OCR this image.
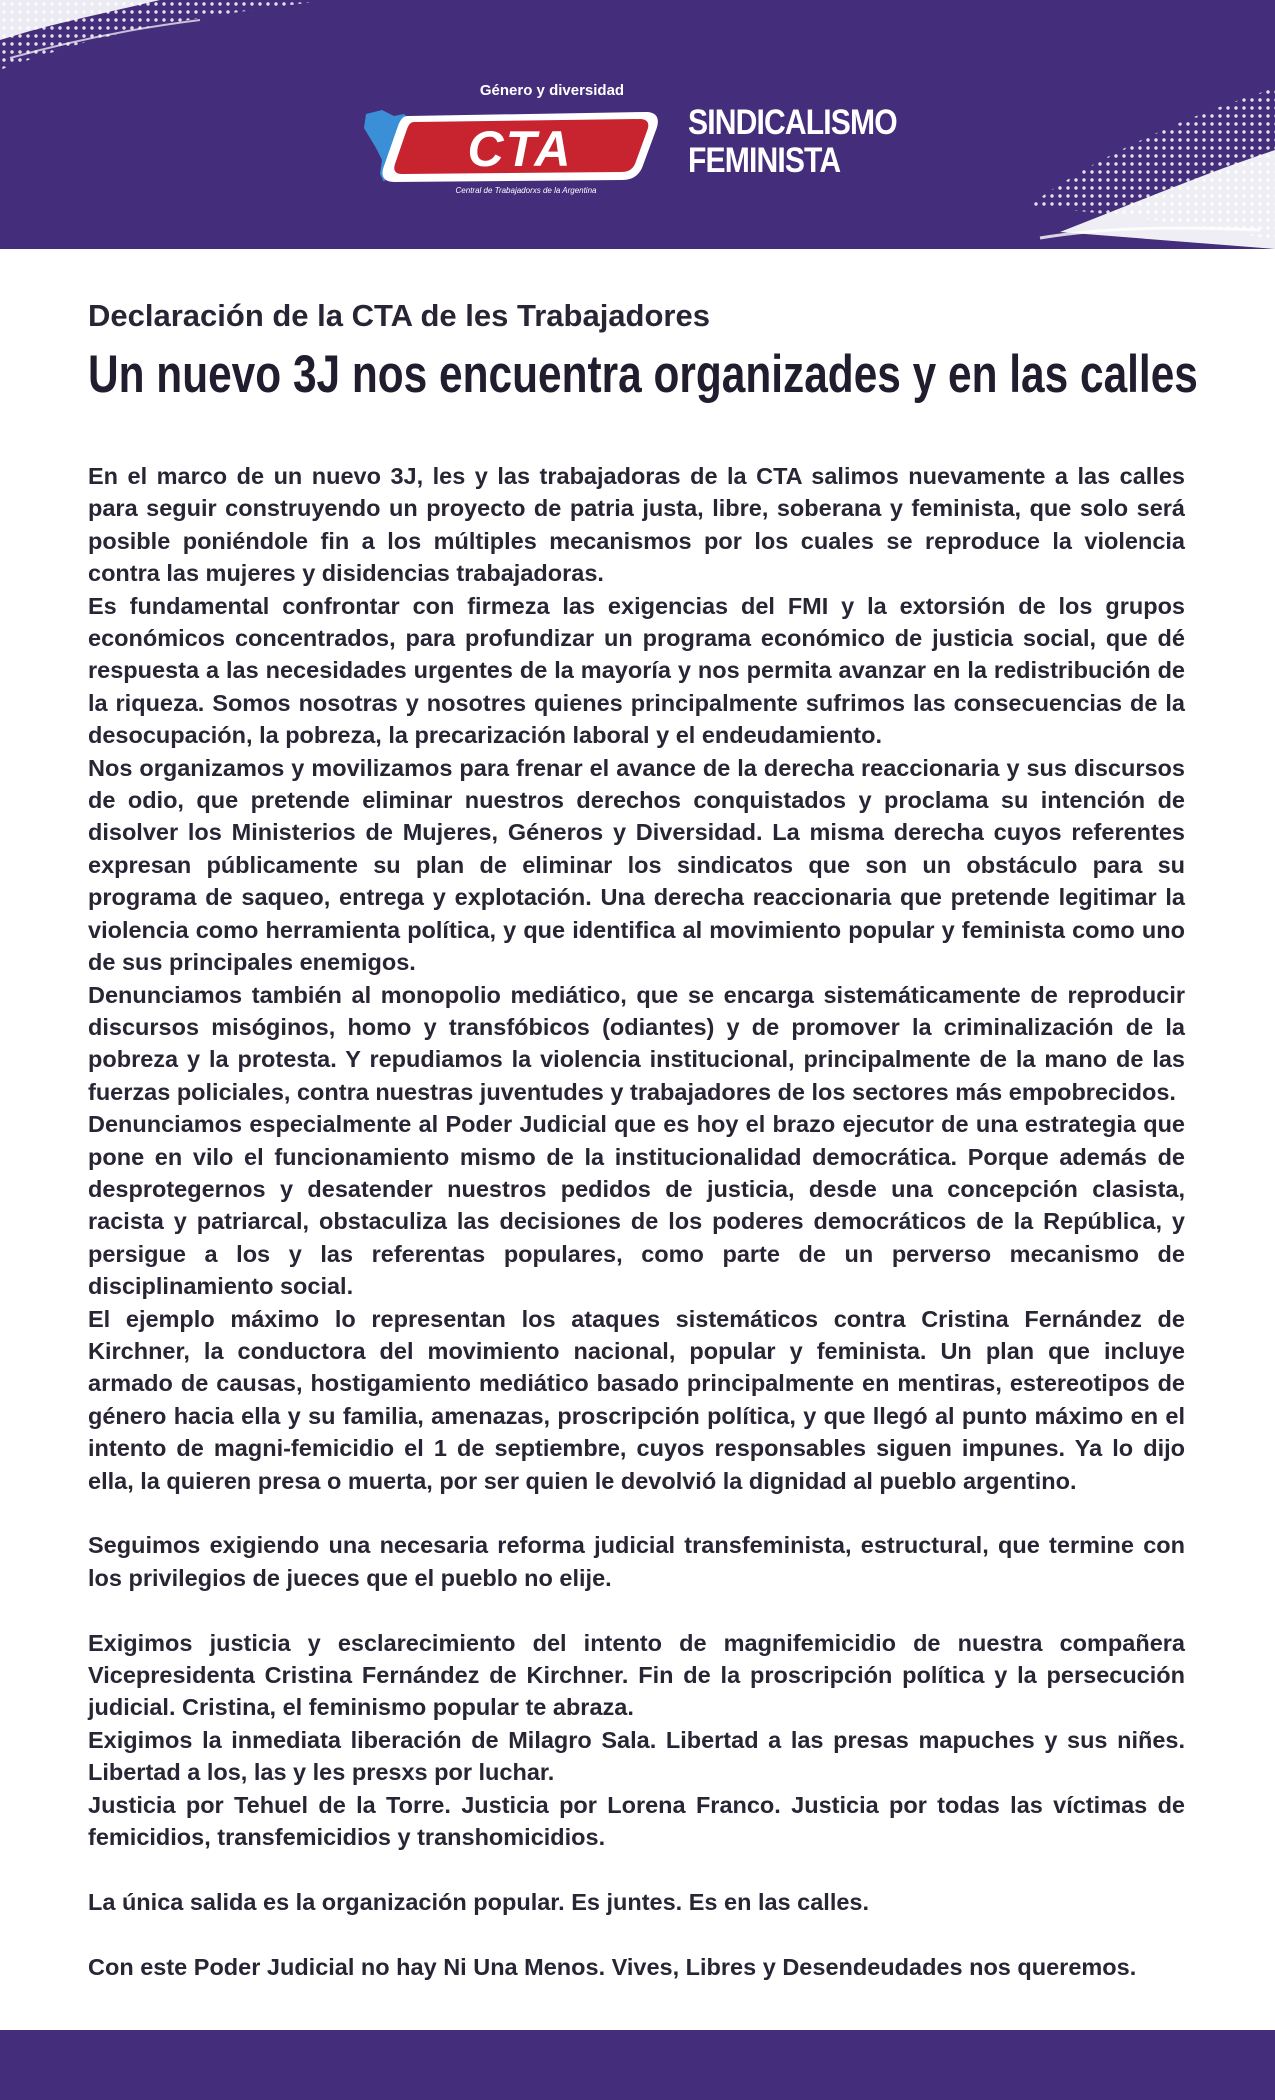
Género y diversidad
CTA
Central de Trabajadorxs de la Argentina
SINDICALISMO
FEMINISTA
Declaración de la CTA de les Trabajadores
Un nuevo 3J nos encuentra organizades y en las calles

En el marco de un nuevo 3J, les y las trabajadoras de la CTA salimos nuevamente a las calles para seguir construyendo un proyecto de patria justa, libre, soberana y feminista, que solo será posible poniéndole fin a los múltiples mecanismos por los cuales se reproduce la violencia contra las mujeres y disidencias trabajadoras.

Es fundamental confrontar con firmeza las exigencias del FMI y la extorsión de los grupos económicos concentrados, para profundizar un programa económico de justicia social, que dé respuesta a las necesidades urgentes de la mayoría y nos permita avanzar en la redistribución de la riqueza. Somos nosotras y nosotres quienes principalmente sufrimos las consecuencias de la desocupación, la pobreza, la precarización laboral y el endeudamiento.

Nos organizamos y movilizamos para frenar el avance de la derecha reaccionaria y sus discursos de odio, que pretende eliminar nuestros derechos conquistados y proclama su intención de disolver los Ministerios de Mujeres, Géneros y Diversidad. La misma derecha cuyos referentes expresan públicamente su plan de eliminar los sindicatos que son un obstáculo para su programa de saqueo, entrega y explotación. Una derecha reaccionaria que pretende legitimar la violencia como herramienta política, y que identifica al movimiento popular y feminista como uno de sus principales enemigos.

Denunciamos también al monopolio mediático, que se encarga sistemáticamente de reproducir discursos misóginos, homo y transfóbicos (odiantes) y de promover la criminalización de la pobreza y la protesta. Y repudiamos la violencia institucional, principalmente de la mano de las fuerzas policiales, contra nuestras juventudes y trabajadores de los sectores más empobrecidos.

Denunciamos especialmente al Poder Judicial que es hoy el brazo ejecutor de una estrategia que pone en vilo el funcionamiento mismo de la institucionalidad democrática. Porque además de desprotegernos y desatender nuestros pedidos de justicia, desde una concepción clasista, racista y patriarcal, obstaculiza las decisiones de los poderes democráticos de la República, y persigue a los y las referentas populares, como parte de un perverso mecanismo de disciplinamiento social.

El ejemplo máximo lo representan los ataques sistemáticos contra Cristina Fernández de Kirchner, la conductora del movimiento nacional, popular y feminista. Un plan que incluye armado de causas, hostigamiento mediático basado principalmente en mentiras, estereotipos de género hacia ella y su familia, amenazas, proscripción política, y que llegó al punto máximo en el intento de magni-femicidio el 1 de septiembre, cuyos responsables siguen impunes. Ya lo dijo ella, la quieren presa o muerta, por ser quien le devolvió la dignidad al pueblo argentino.

Seguimos exigiendo una necesaria reforma judicial transfeminista, estructural, que termine con los privilegios de jueces que el pueblo no elije.

Exigimos justicia y esclarecimiento del intento de magnifemicidio de nuestra compañera Vicepresidenta Cristina Fernández de Kirchner. Fin de la proscripción política y la persecución judicial. Cristina, el feminismo popular te abraza.

Exigimos la inmediata liberación de Milagro Sala. Libertad a las presas mapuches y sus niñes. Libertad a los, las y les presxs por luchar.

Justicia por Tehuel de la Torre. Justicia por Lorena Franco. Justicia por todas las víctimas de femicidios, transfemicidios y transhomicidios.

La única salida es la organización popular. Es juntes. Es en las calles.

Con este Poder Judicial no hay Ni Una Menos. Vives, Libres y Desendeudades nos queremos.
